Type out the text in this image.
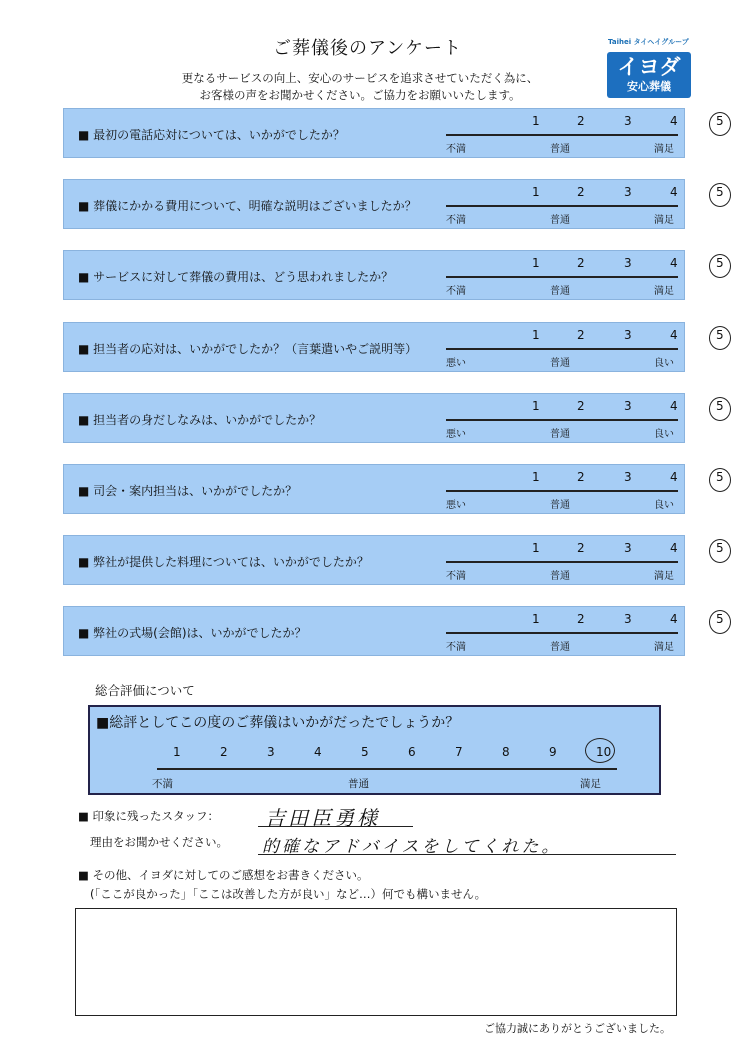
ご葬儀後のアンケート
更なるサービスの向上、安心のサービスを追求させていただく為に、
お客様の声をお聞かせください。ご協力をお願いいたします。
Taihei タイヘイグループ
イヨダ
安心葬儀
■ 最初の電話応対については、いかがでしたか？
1	2	3	4	5
不満	普通	満足
■ 葬儀にかかる費用について、明確な説明はございましたか？
1	2	3	4	5
不満	普通	満足
■ サービスに対して葬儀の費用は、どう思われましたか？
1	2	3	4	5
不満	普通	満足
■ 担当者の応対は、いかがでしたか？（言葉遣いやご説明等）
1	2	3	4	5
悪い	普通	良い
■ 担当者の身だしなみは、いかがでしたか？
1	2	3	4	5
悪い	普通	良い
■ 司会・案内担当は、いかがでしたか？
1	2	3	4	5
悪い	普通	良い
■ 弊社が提供した料理については、いかがでしたか？
1	2	3	4	5
不満	普通	満足
■ 弊社の式場(会館)は、いかがでしたか？
1	2	3	4	5
不満	普通	満足
総合評価について
■総評としてこの度のご葬儀はいかがだったでしょうか？
不満	普通	満足
1	2	3	4	5	6	7	8	9	10
■ 印象に残ったスタッフ： 吉田臣勇様
理由をお聞かせください。 的確なアドバイスをしてくれた。
■ その他、イヨダに対してのご感想をお書きください。
(「ここが良かった」「ここは改善した方が良い」など…）何でも構いません。
ご協力誠にありがとうございました。
